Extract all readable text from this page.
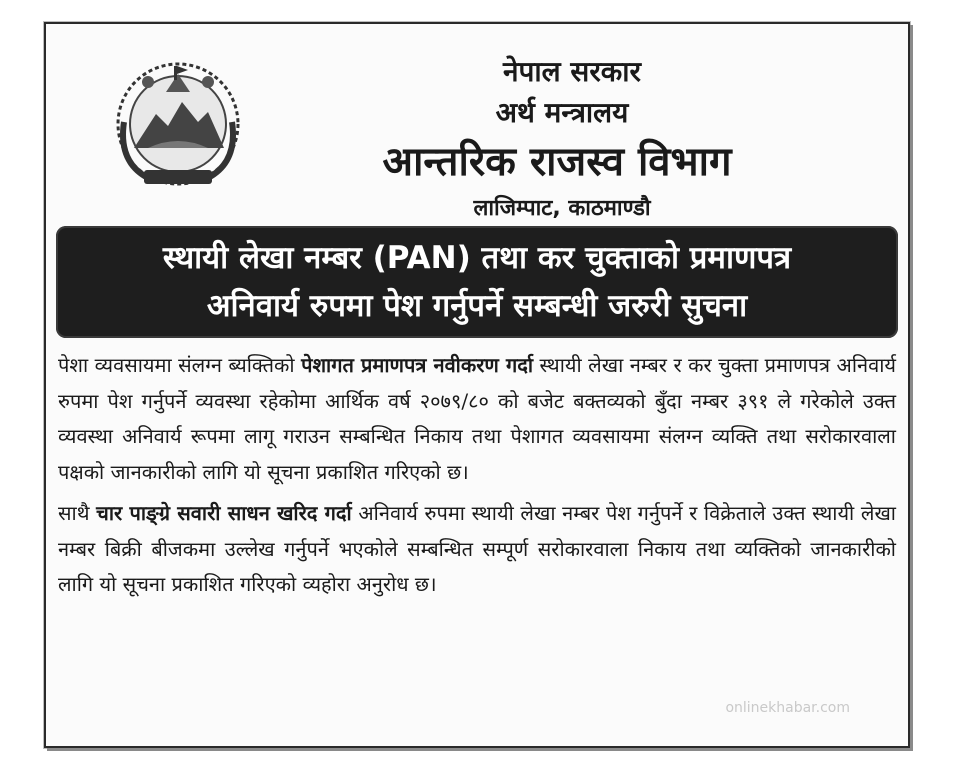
नेपाल सरकार
अर्थ मन्त्रालय
आन्तरिक राजस्व विभाग
लाजिम्पाट, काठमाण्डौ
स्थायी लेखा नम्बर (PAN) तथा कर चुक्ताको प्रमाणपत्र
अनिवार्य रुपमा पेश गर्नुपर्ने सम्बन्धी जरुरी सुचना

पेशा व्यवसायमा संलग्न ब्यक्तिको पेशागत प्रमाणपत्र नवीकरण गर्दा स्थायी लेखा नम्बर र कर चुक्ता प्रमाणपत्र अनिवार्य रुपमा पेश गर्नुपर्ने व्यवस्था रहेकोमा आर्थिक वर्ष २०७९/८० को बजेट बक्तव्यको बुँदा नम्बर ३९१ ले गरेकोले उक्त व्यवस्था अनिवार्य रूपमा लागू गराउन सम्बन्धित निकाय तथा पेशागत व्यवसायमा संलग्न व्यक्ति तथा सरोकारवाला पक्षको जानकारीको लागि यो सूचना प्रकाशित गरिएको छ।

साथै चार पाङ्ग्रे सवारी साधन खरिद गर्दा अनिवार्य रुपमा स्थायी लेखा नम्बर पेश गर्नुपर्ने र विक्रेताले उक्त स्थायी लेखा नम्बर बिक्री बीजकमा उल्लेख गर्नुपर्ने भएकोले सम्बन्धित सम्पूर्ण सरोकारवाला निकाय तथा व्यक्तिको जानकारीको लागि यो सूचना प्रकाशित गरिएको व्यहोरा अनुरोध छ।

onlinekhabar.com
